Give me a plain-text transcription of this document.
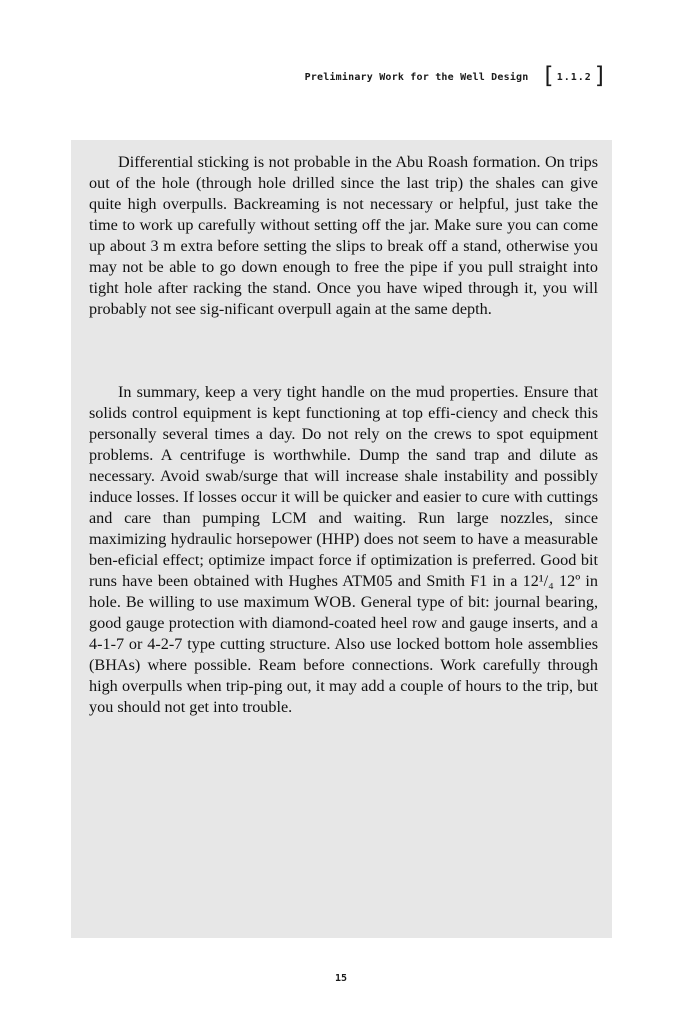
Preliminary Work for the Well Design [ 1.1.2 ]

Differential sticking is not probable in the Abu Roash formation. On trips out of the hole (through hole drilled since the last trip) the shales can give quite high overpulls. Backreaming is not necessary or helpful, just take the time to work up carefully without setting off the jar. Make sure you can come up about 3 m extra before setting the slips to break off a stand, otherwise you may not be able to go down enough to free the pipe if you pull straight into tight hole after racking the stand. Once you have wiped through it, you will probably not see sig-nificant overpull again at the same depth.

In summary, keep a very tight handle on the mud properties. Ensure that solids control equipment is kept functioning at top effi-ciency and check this personally several times a day. Do not rely on the crews to spot equipment problems. A centrifuge is worthwhile. Dump the sand trap and dilute as necessary. Avoid swab/surge that will increase shale instability and possibly induce losses. If losses occur it will be quicker and easier to cure with cuttings and care than pumping LCM and waiting. Run large nozzles, since maximizing hydraulic horsepower (HHP) does not seem to have a measurable ben-eficial effect; optimize impact force if optimization is preferred. Good bit runs have been obtained with Hughes ATM05 and Smith F1 in a 12¹/₄ 12º in hole. Be willing to use maximum WOB. General type of bit: journal bearing, good gauge protection with diamond-coated heel row and gauge inserts, and a 4-1-7 or 4-2-7 type cutting structure. Also use locked bottom hole assemblies (BHAs) where possible. Ream before connections. Work carefully through high overpulls when trip-ping out, it may add a couple of hours to the trip, but you should not get into trouble.

15
